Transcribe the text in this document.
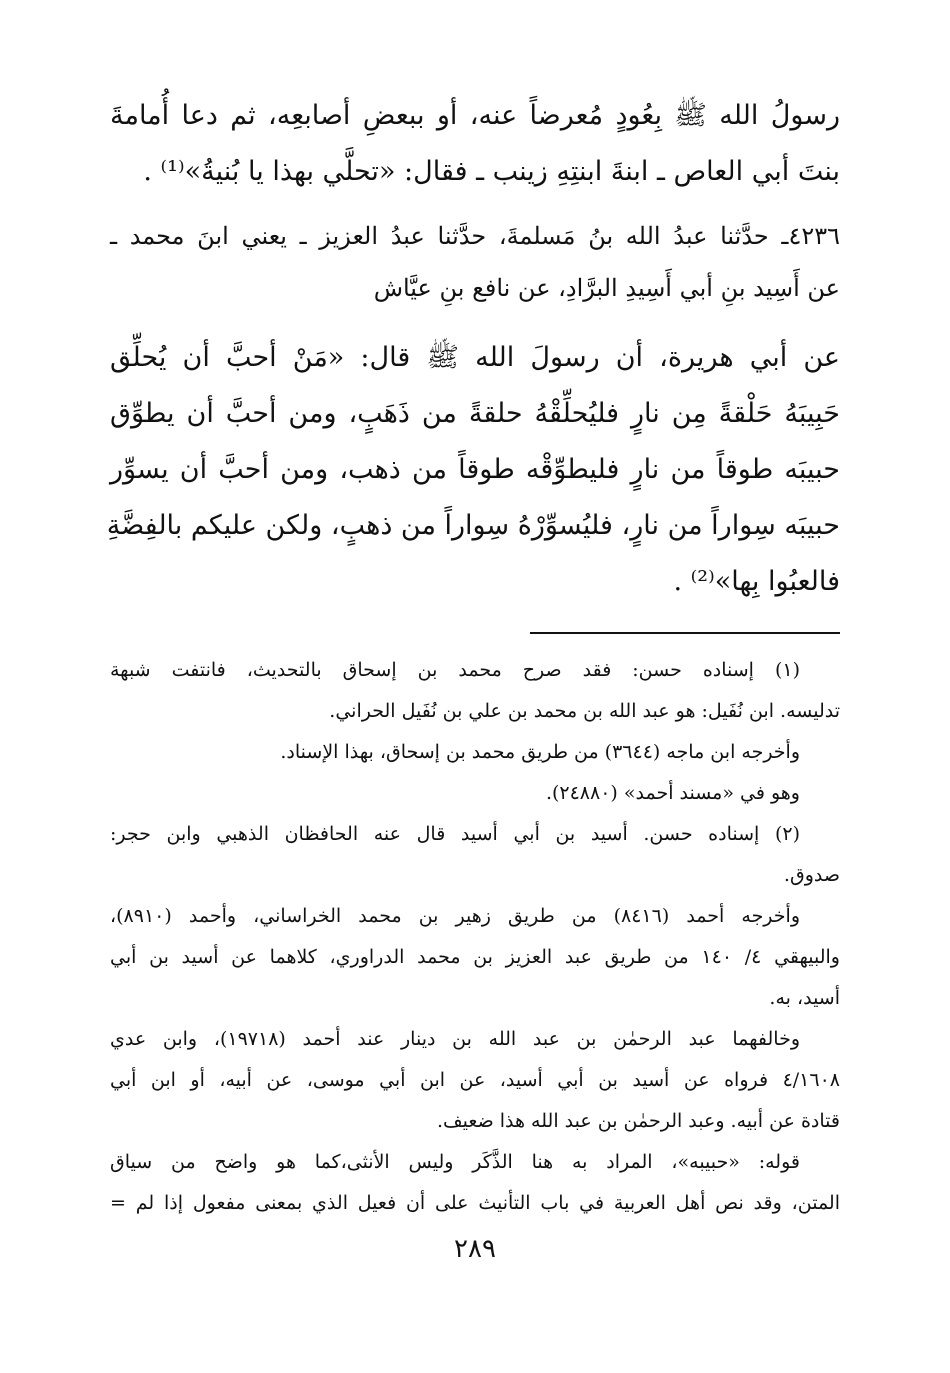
رسولُ الله ﷺ بِعُودٍ مُعرضاً عنه، أو ببعضِ أصابعِه، ثم دعا أُمامةَ
بنتَ أبي العاص ـ ابنةَ ابنتِهِ زينب ـ فقال: «تحلَّي بهذا يا بُنيةُ»⁽¹⁾ .
٤٢٣٦ـ حدَّثنا عبدُ الله بنُ مَسلمةَ، حدَّثنا عبدُ العزيز ـ يعني ابنَ محمد ـ
عن أَسِيد بنِ أبي أَسِيدِ البرَّادِ، عن نافع بنِ عيَّاش
عن أبي هريرة، أن رسولَ الله ﷺ قال: «مَنْ أحبَّ أن يُحلِّق
حَبِيبَهُ حَلْقةً مِن نارٍ فليُحلِّقْهُ حلقةً من ذَهَبٍ، ومن أحبَّ أن يطوِّق
حبيبَه طوقاً من نارٍ فليطوِّقْه طوقاً من ذهب، ومن أحبَّ أن يسوِّر
حبيبَه سِواراً من نارٍ، فليُسوِّرْهُ سِواراً من ذهبٍ، ولكن عليكم بالفِضَّةِ
فالعبُوا بِها»⁽²⁾ .
(١) إسناده حسن: فقد صرح محمد بن إسحاق بالتحديث، فانتفت شبهة
تدليسه. ابن نُفَيل: هو عبد الله بن محمد بن علي بن نُفَيل الحراني.
وأخرجه ابن ماجه (٣٦٤٤) من طريق محمد بن إسحاق، بهذا الإسناد.
وهو في «مسند أحمد» (٢٤٨٨٠).
(٢) إسناده حسن. أسيد بن أبي أسيد قال عنه الحافظان الذهبي وابن حجر:
صدوق.
وأخرجه أحمد (٨٤١٦) من طريق زهير بن محمد الخراساني، وأحمد (٨٩١٠)،
والبيهقي ٤/ ١٤٠ من طريق عبد العزيز بن محمد الدراوري، كلاهما عن أسيد بن أبي
أسيد، به.
وخالفهما عبد الرحمٰن بن عبد الله بن دينار عند أحمد (١٩٧١٨)، وابن عدي
٤/١٦٠٨ فرواه عن أسيد بن أبي أسيد، عن ابن أبي موسى، عن أبيه، أو ابن أبي
قتادة عن أبيه. وعبد الرحمٰن بن عبد الله هذا ضعيف.
قوله: «حبيبه»، المراد به هنا الذَّكَر وليس الأنثى،كما هو واضح من سياق
المتن، وقد نص أهل العربية في باب التأنيث على أن فعيل الذي بمعنى مفعول إذا لم =
٢٨٩
